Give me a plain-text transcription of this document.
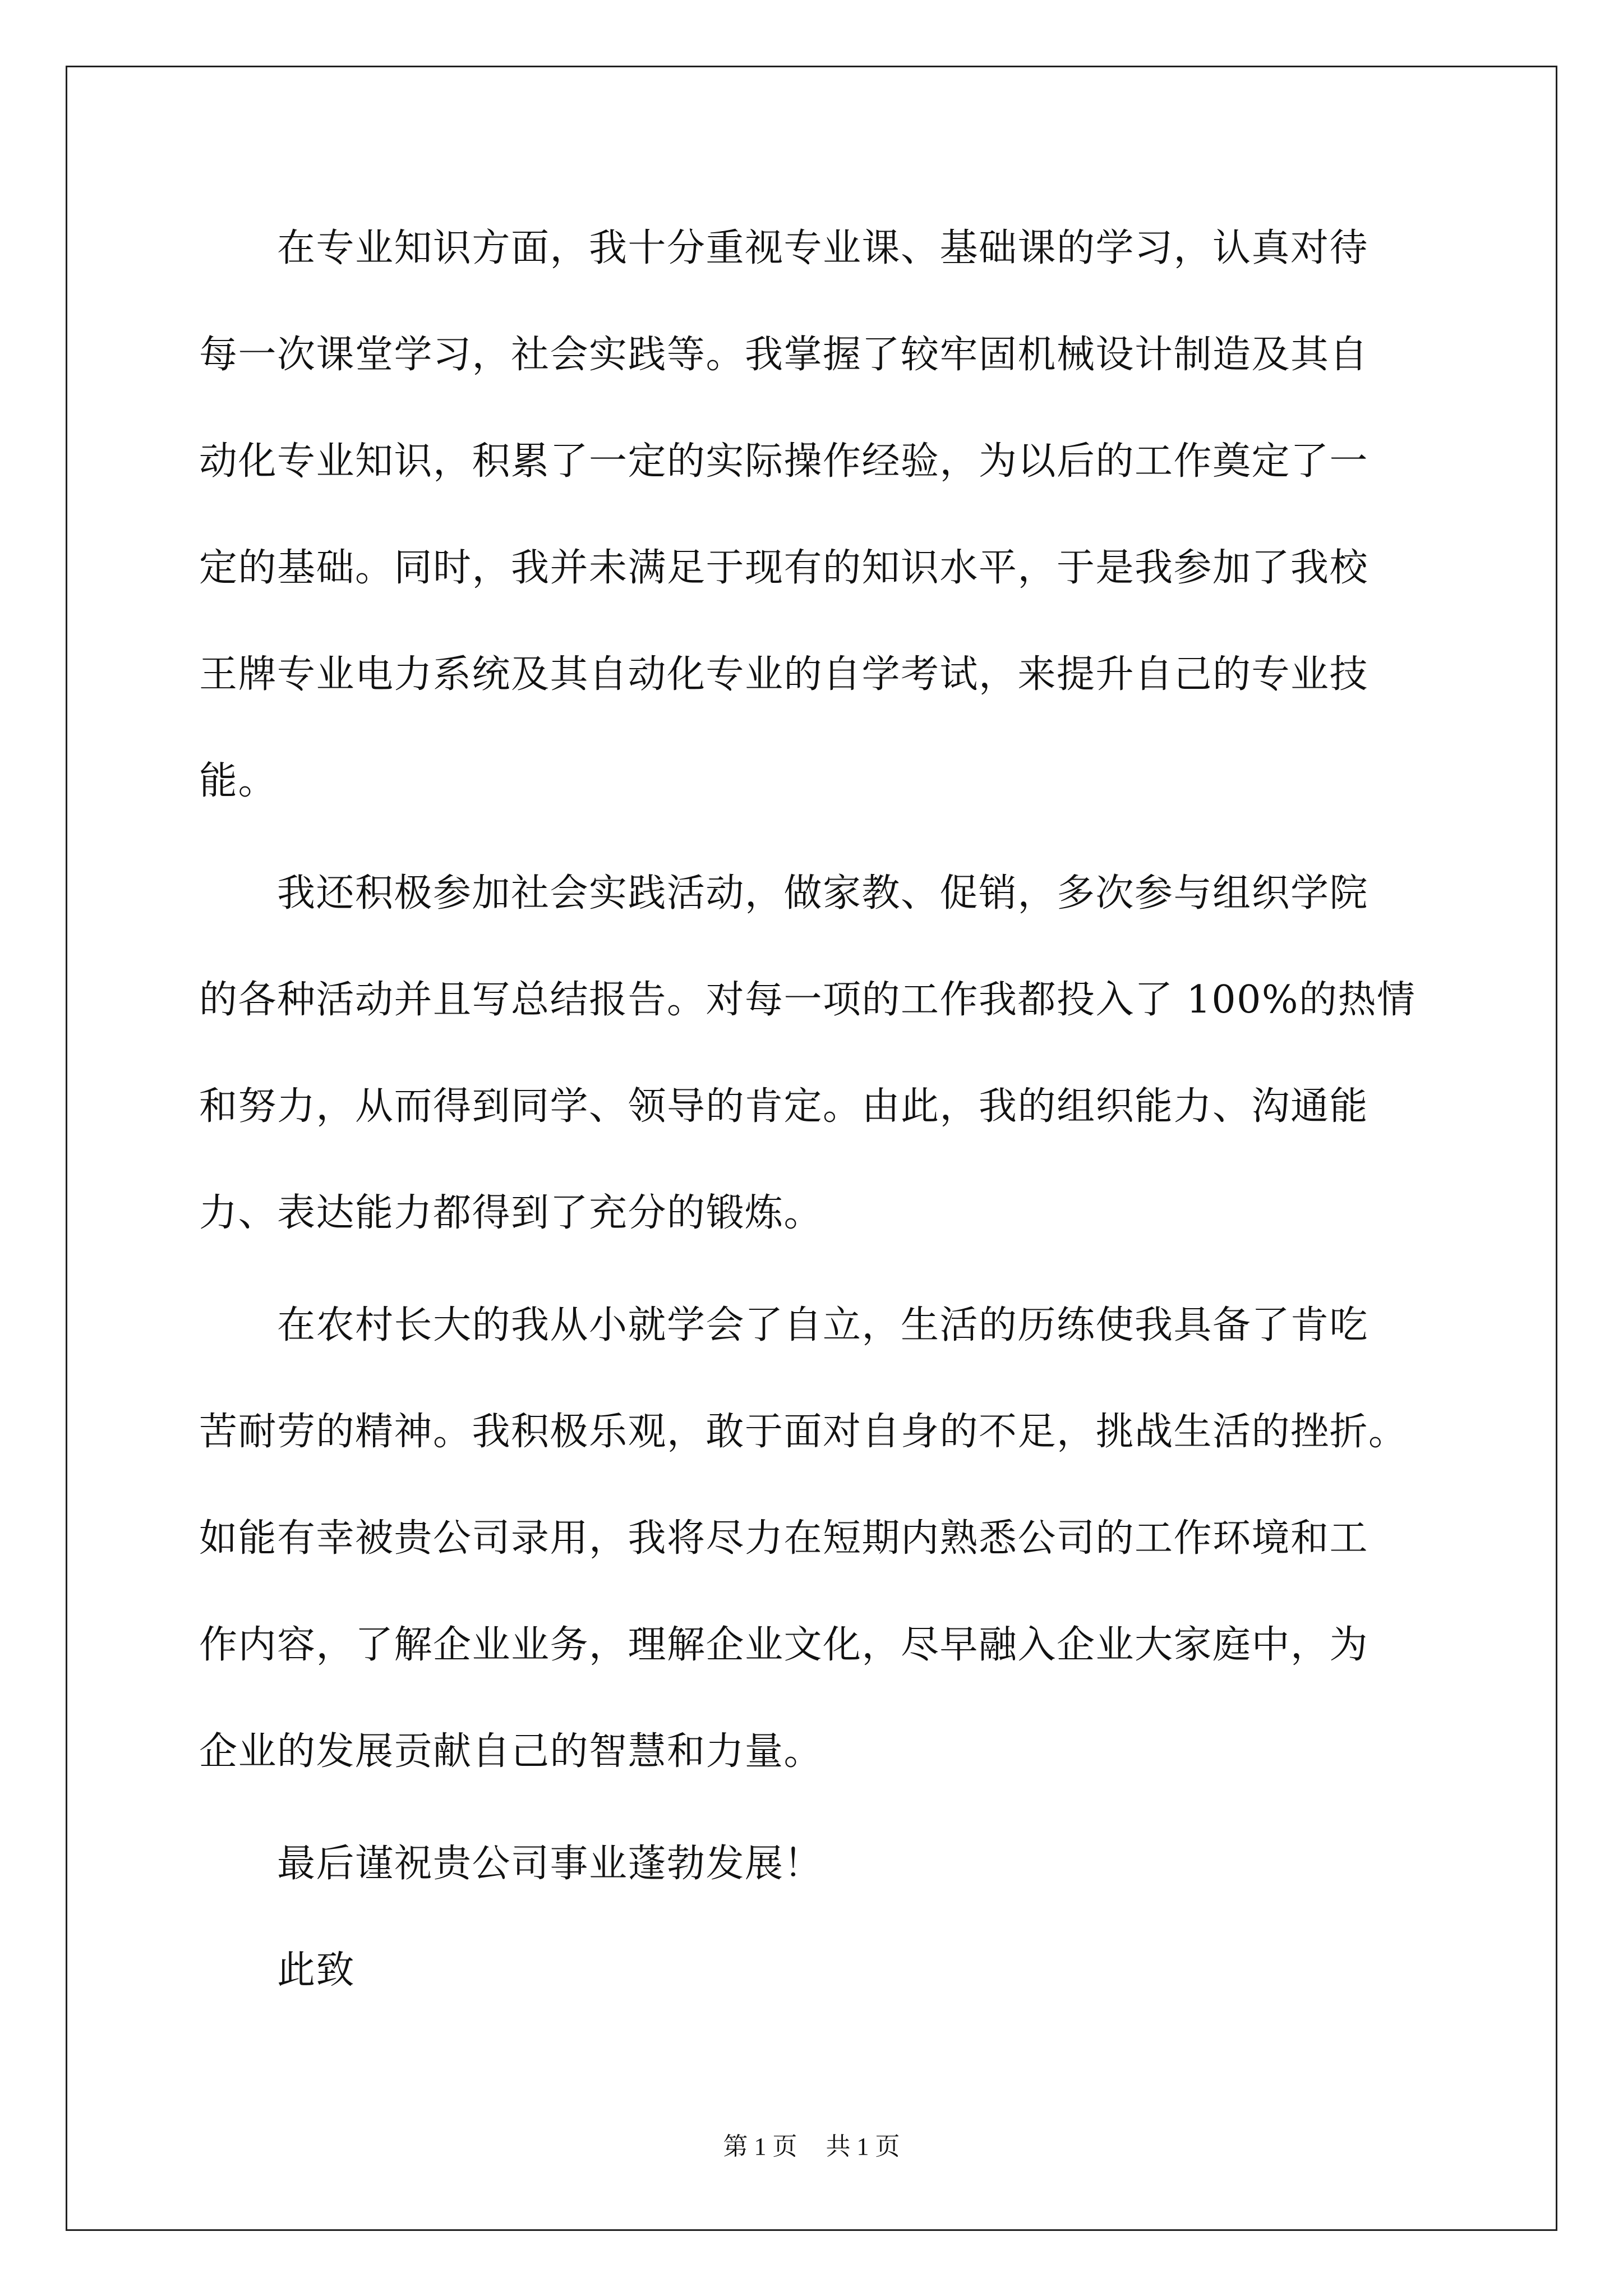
　　在专业知识方面，我十分重视专业课、基础课的学习，认真对待
每一次课堂学习，社会实践等。我掌握了较牢固机械设计制造及其自
动化专业知识，积累了一定的实际操作经验，为以后的工作奠定了一
定的基础。同时，我并未满足于现有的知识水平，于是我参加了我校
王牌专业电力系统及其自动化专业的自学考试，来提升自己的专业技
能。
　　我还积极参加社会实践活动，做家教、促销，多次参与组织学院
的各种活动并且写总结报告。对每一项的工作我都投入了 100%的热情
和努力，从而得到同学、领导的肯定。由此，我的组织能力、沟通能
力、表达能力都得到了充分的锻炼。
　　在农村长大的我从小就学会了自立，生活的历练使我具备了肯吃
苦耐劳的精神。我积极乐观，敢于面对自身的不足，挑战生活的挫折。
如能有幸被贵公司录用，我将尽力在短期内熟悉公司的工作环境和工
作内容，了解企业业务，理解企业文化，尽早融入企业大家庭中，为
企业的发展贡献自己的智慧和力量。
　　最后谨祝贵公司事业蓬勃发展！
　　此致
第 1 页 共 1 页
